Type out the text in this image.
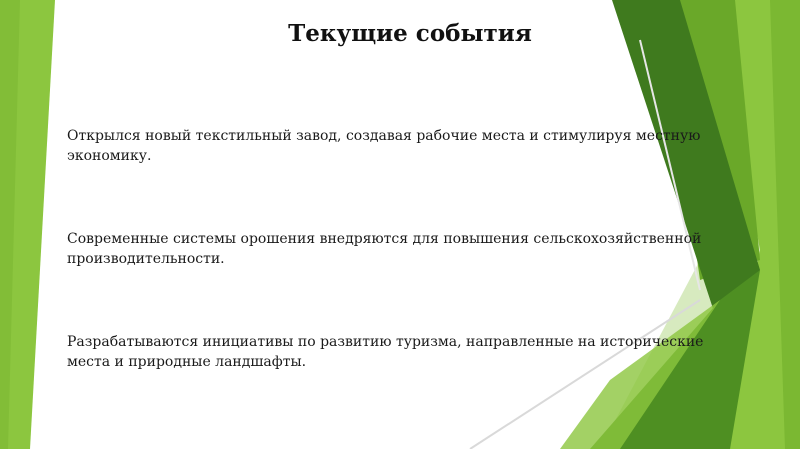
Текущие события

Открылся новый текстильный завод, создавая рабочие места и стимулируя местную экономику.

Современные системы орошения внедряются для повышения сельскохозяйственной производительности.

Разрабатываются инициативы по развитию туризма, направленные на исторические места и природные ландшафты.
